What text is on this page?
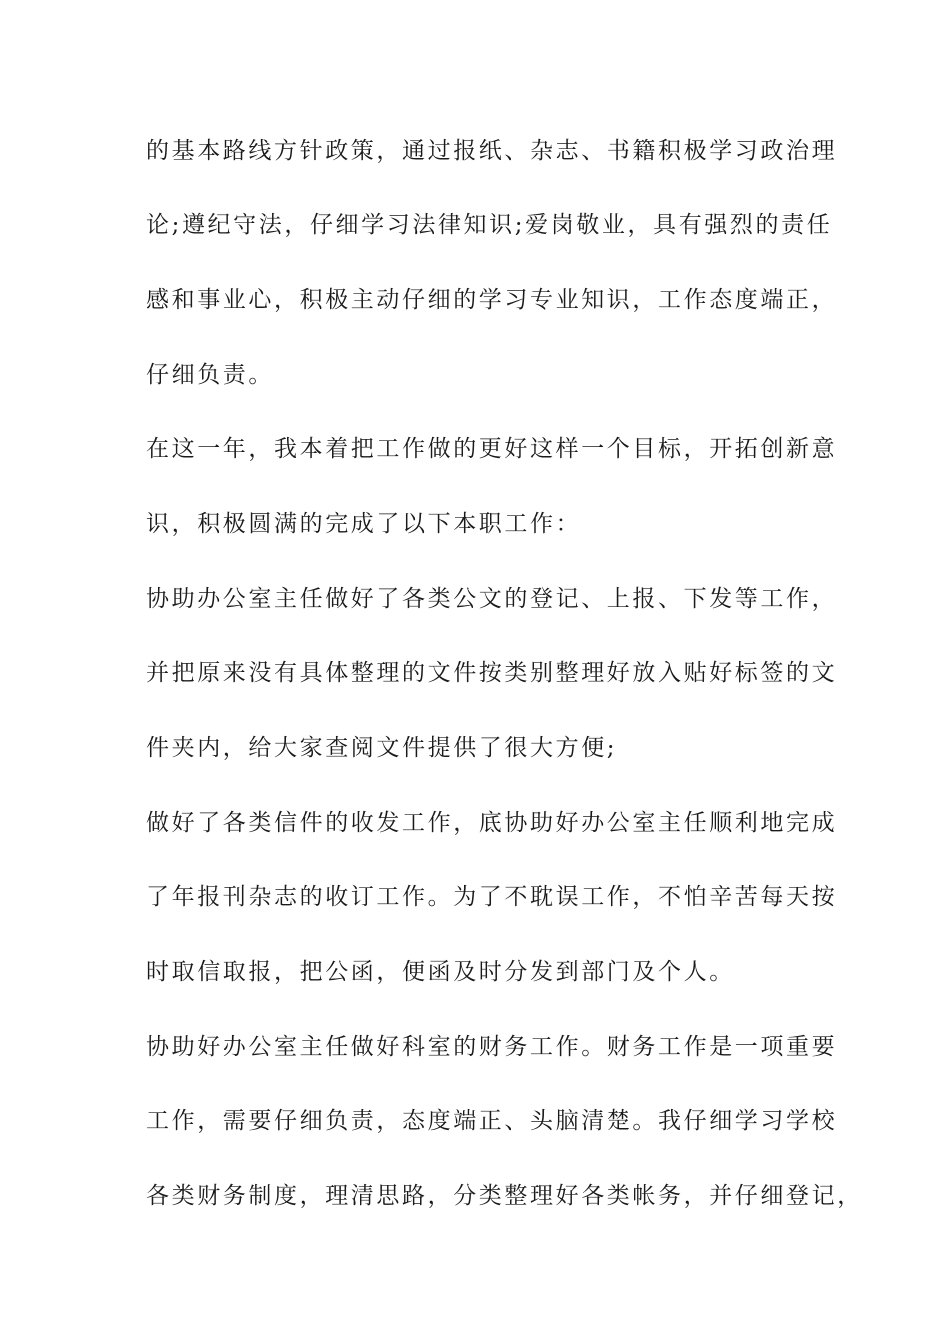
的基本路线方针政策，通过报纸、杂志、书籍积极学习政治理
论;遵纪守法，仔细学习法律知识;爱岗敬业，具有强烈的责任
感和事业心，积极主动仔细的学习专业知识，工作态度端正，
仔细负责。
在这一年，我本着把工作做的更好这样一个目标，开拓创新意
识，积极圆满的完成了以下本职工作：
协助办公室主任做好了各类公文的登记、上报、下发等工作，
并把原来没有具体整理的文件按类别整理好放入贴好标签的文
件夹内，给大家查阅文件提供了很大方便;
做好了各类信件的收发工作，底协助好办公室主任顺利地完成
了年报刊杂志的收订工作。为了不耽误工作，不怕辛苦每天按
时取信取报，把公函，便函及时分发到部门及个人。
协助好办公室主任做好科室的财务工作。财务工作是一项重要
工作，需要仔细负责，态度端正、头脑清楚。我仔细学习学校
各类财务制度，理清思路，分类整理好各类帐务，并仔细登记，
